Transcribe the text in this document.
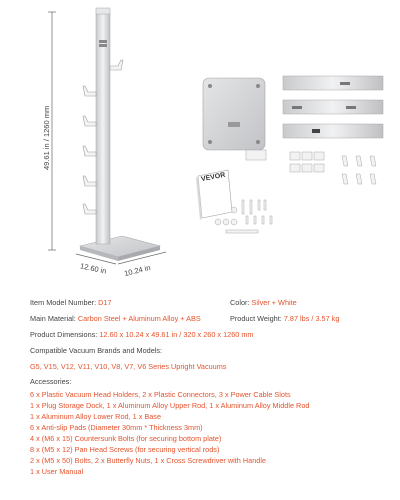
49.61 in / 1260 mm
12.60 in 10.24 in
VEVOR
Item Model Number: D17	Color: Silver + White
Main Material: Carbon Steel + Aluminum Alloy + ABS	Product Weight: 7.87 lbs / 3.57 kg
Product Dimensions: 12.60 x 10.24 x 49.61 in / 320 x 260 x 1260 mm
Compatible Vacuum Brands and Models:
G5, V15, V12, V11, V10, V8, V7, V6 Series Upright Vacuums
Accessories:
6 x Plastic Vacuum Head Holders, 2 x Plastic Connectors, 3 x Power Cable Slots
1 x Plug Storage Dock, 1 x Aluminum Alloy Upper Rod, 1 x Aluminum Alloy Middle Rod
1 x Aluminum Alloy Lower Rod, 1 x Base
6 x Anti-slip Pads (Diameter 30mm * Thickness 3mm)
4 x (M6 x 15) Countersunk Bolts (for securing bottom plate)
8 x (M5 x 12) Pan Head Screws (for securing vertical rods)
2 x (M5 x 50) Bolts, 2 x Butterfly Nuts, 1 x Cross Screwdriver with Handle
1 x User Manual
